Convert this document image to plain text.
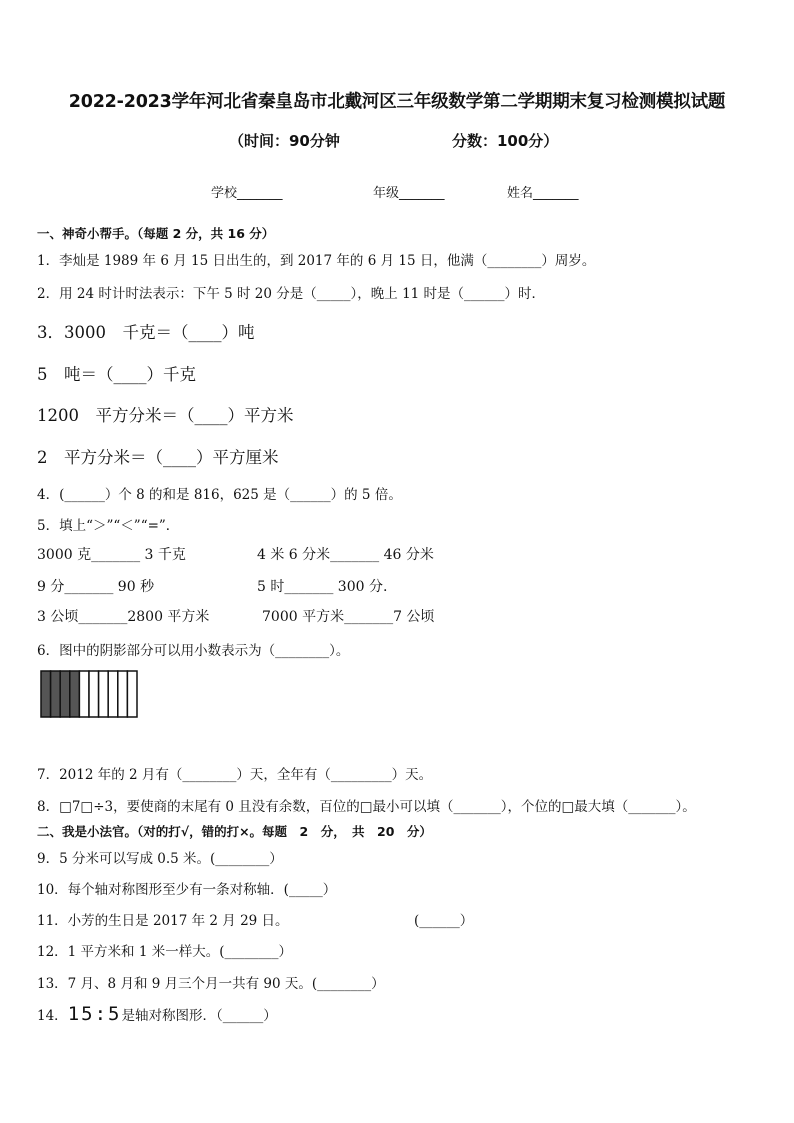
2022-2023学年河北省秦皇岛市北戴河区三年级数学第二学期期末复习检测模拟试题
（时间：90分钟	分数：100分）
学校_______	年级_______	姓名_______
一、神奇小帮手。（每题 2 分，共 16 分）
1．李灿是 1989 年 6 月 15 日出生的，到 2017 年的 6 月 15 日，他满（________）周岁。
2．用 24 时计时法表示：下午 5 时 20 分是（_____），晚上 11 时是（______）时．
3．3000　千克＝（____）吨
5　吨＝（____）千克
1200　平方分米＝（____）平方米
2　平方分米＝（____）平方厘米
4．(______）个 8 的和是 816，625 是（______）的 5 倍。
5．填上“＞”“＜”“=”．
3000 克_______ 3 千克	4 米 6 分米_______ 46 分米
9 分_______ 90 秒	5 时_______ 300 分.
3 公顷_______2800 平方米	7000 平方米_______7 公顷
6．图中的阴影部分可以用小数表示为（________）。
7．2012 年的 2 月有（________）天，全年有（_________）天。
8．□7□÷3，要使商的末尾有 0 且没有余数，百位的□最小可以填（_______），个位的□最大填（_______）。
二、我是小法官。（对的打√，错的打×。每题　2　分，　共　20　分）
9．5 分米可以写成 0.5 米。(________）
10．每个轴对称图形至少有一条对称轴．(_____）
11．小芳的生日是 2017 年 2 月 29 日。	(______）
12．1 平方米和 1 米一样大。(________）
13．7 月、8 月和 9 月三个月一共有 90 天。(________）
14．15:5是轴对称图形．（______）
